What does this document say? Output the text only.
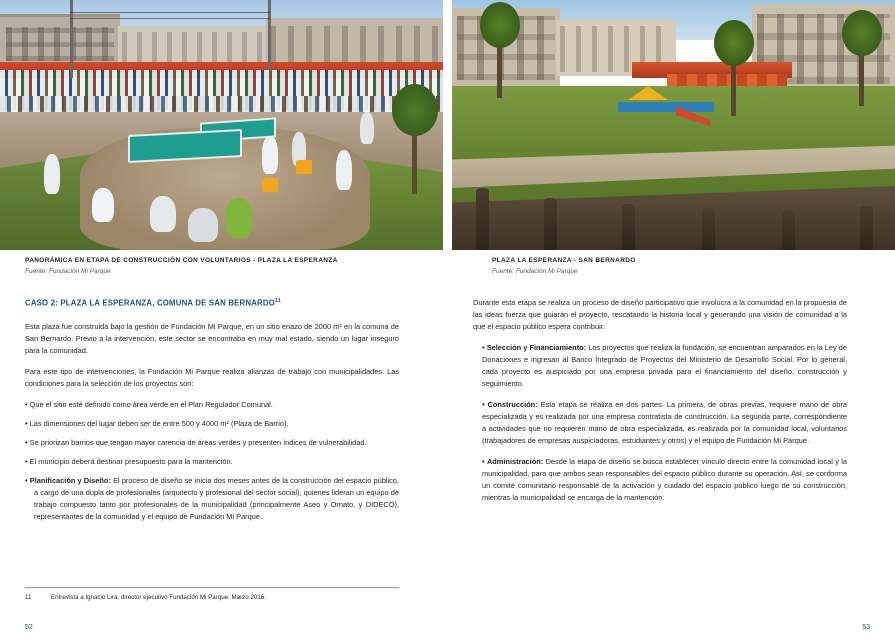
PANORÁMICA EN ETAPA DE CONSTRUCCIÓN CON VOLUNTARIOS - PLAZA LA ESPERANZA
Fuente: Fundación Mi Parque
PLAZA LA ESPERANZA - SAN BERNARDO
Fuente: Fundación Mi Parque
CASO 2: PLAZA LA ESPERANZA, COMUNA DE SAN BERNARDO$^{11}$

Esta plaza fue construida bajo la gestión de Fundación Mi Parque, en un sitio eriazo de 2000 m² en la comuna de San Bernardo. Previo a la intervención, este sector se encontraba en muy mal estado, siendo un lugar inseguro para la comunidad.

Para este tipo de intervenciones, la Fundación Mi Parque realiza alianzas de trabajo con municipalidades. Las condiciones para la selección de los proyectos son:

• Que el sitio esté definido como área verde en el Plan Regulador Comunal.

• Las dimensiones del lugar deben ser de entre 500 y 4000 m² (Plaza de Barrio).

• Se priorizan barrios que tengan mayor carencia de áreas verdes y presenten índices de vulnerabilidad.

• El municipio deberá destinar presupuesto para la mantención.

• Planificación y Diseño: El proceso de diseño se inicia dos meses antes de la construcción del espacio público, a cargo de una dupla de profesionales (arquitecto y profesional del sector social), quienes lideran un equipo de trabajo compuesto tanto por profesionales de la municipalidad (principalmente Aseo y Ornato, y DIDECO), representantes de la comunidad y el equipo de Fundación Mi Parque.

Durante esta etapa se realiza un proceso de diseño participativo que involucra a la comunidad en la propuesta de las ideas fuerza que guiarán el proyecto, rescatando la historia local y generando una visión de comunidad a la que el espacio público espera contribuir.

• Selección y Financiamiento: Los proyectos que realiza la fundación, se encuentran amparados en la Ley de Donaciones e ingresan al Banco Íntegrado de Proyectos del Ministerio de Desarrollo Social. Por lo general, cada proyecto es auspiciado por una empresa privada para el financiamiento del diseño, construcción y seguimiento.

• Construcción: Esta etapa se realiza en dos partes. La primera, de obras previas, requiere mano de obra especializada y es realizada por una empresa contratista de construcción. La segunda parte, correspondiente a actividades que no requieren mano de obra especializada, es realizada por la comunidad local, voluntarios (trabajadores de empresas auspiciadoras, estudiantes y otros) y el equipo de Fundación Mi Parque.

• Administración: Desde la etapa de diseño se busca establecer vínculo directo entre la comunidad local y la municipalidad, para que ambos sean responsables del espacio público durante su operación. Así, se conforma un comité comunitario responsable de la activación y cuidado del espacio público luego de su construcción, mientras la municipalidad se encarga de la mantención.

11	Entrevista a Ignacio Lira, director ejecutivo Fundación Mi Parque. Marzo 2016.
52	53
